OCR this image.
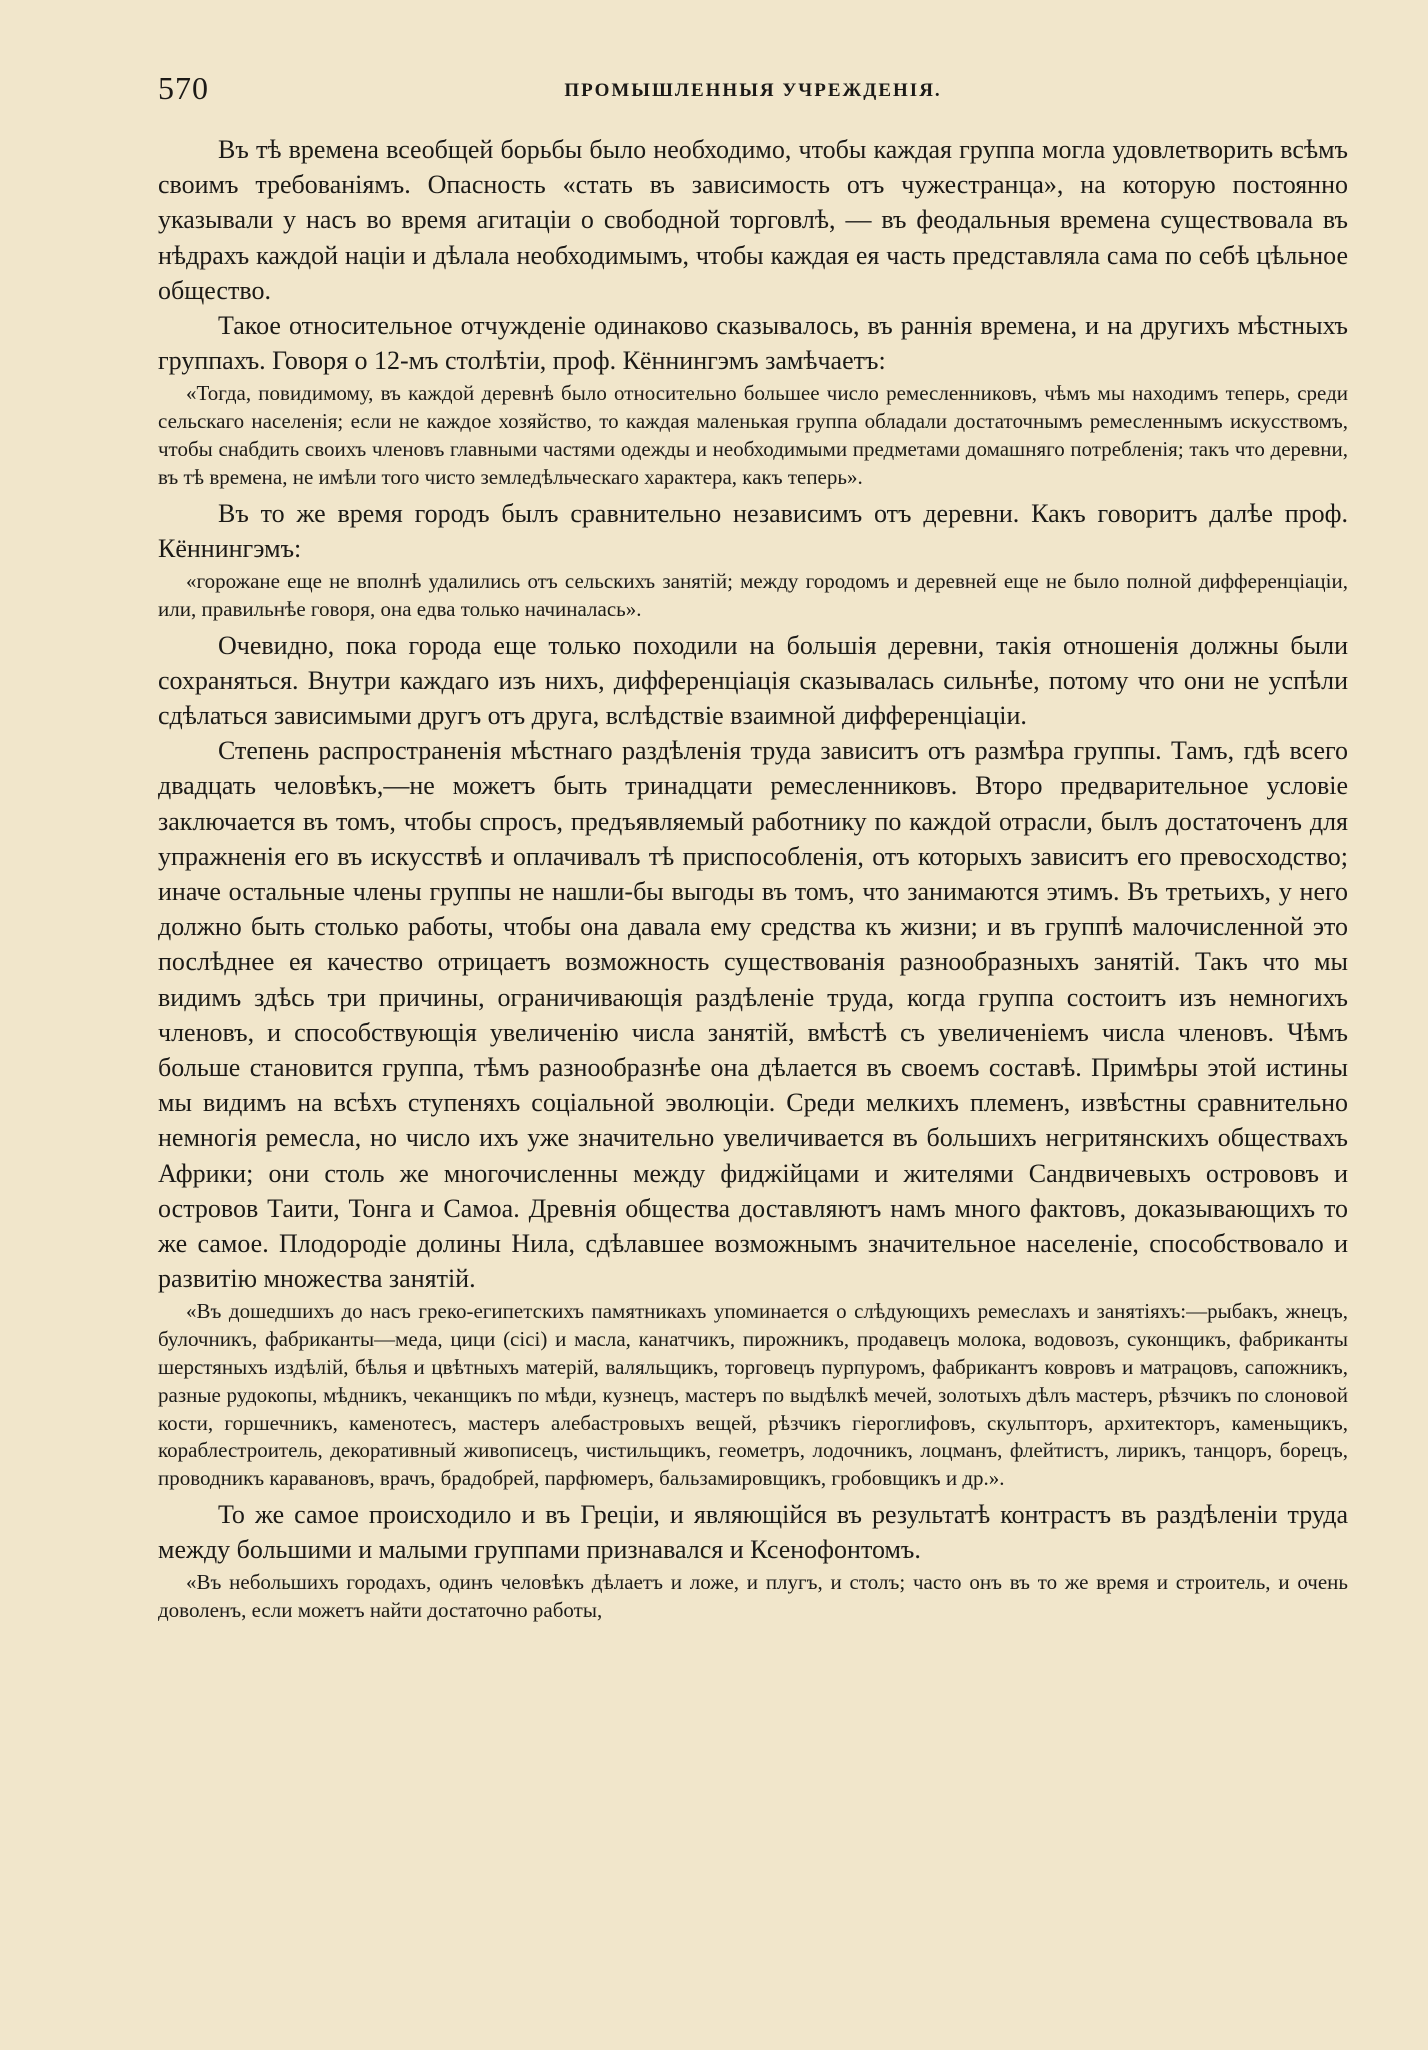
570	ПРОМЫШЛЕННЫЯ УЧРЕЖДЕНІЯ.

Въ тѣ времена всеобщей борьбы было необходимо, чтобы каждая группа могла удовлетворить всѣмъ своимъ требованіямъ. Опасность «стать въ зависимость отъ чужестранца», на которую постоянно указывали у насъ во время агитаціи о свободной торговлѣ, — въ феодальныя времена существовала въ нѣдрахъ каждой націи и дѣлала необходимымъ, чтобы каждая ея часть представляла сама по себѣ цѣльное общество.

Такое относительное отчужденіе одинаково сказывалось, въ раннія времена, и на другихъ мѣстныхъ группахъ. Говоря о 12-мъ столѣтіи, проф. Кённингэмъ замѣчаетъ:

«Тогда, повидимому, въ каждой деревнѣ было относительно большее число ремесленниковъ, чѣмъ мы находимъ теперь, среди сельскаго населенія; если не каждое хозяйство, то каждая маленькая группа обладали достаточнымъ ремесленнымъ искусствомъ, чтобы снабдить своихъ членовъ главными частями одежды и необходимыми предметами домашняго потребленія; такъ что деревни, въ тѣ времена, не имѣли того чисто земледѣльческаго характера, какъ теперь».

Въ то же время городъ былъ сравнительно независимъ отъ деревни. Какъ говоритъ далѣе проф. Кённингэмъ:

«горожане еще не вполнѣ удалились отъ сельскихъ занятій; между городомъ и деревней еще не было полной дифференціаціи, или, правильнѣе говоря, она едва только начиналась».

Очевидно, пока города еще только походили на большія деревни, такія отношенія должны были сохраняться. Внутри каждаго изъ нихъ, дифференціація сказывалась сильнѣе, потому что они не успѣли сдѣлаться зависимыми другъ отъ друга, вслѣдствіе взаимной дифференціаціи.

Степень распространенія мѣстнаго раздѣленія труда зависитъ отъ размѣра группы. Тамъ, гдѣ всего двадцать человѣкъ,—не можетъ быть тринадцати ремесленниковъ. Второ предварительное условіе заключается въ томъ, чтобы спросъ, предъявляемый работнику по каждой отрасли, былъ достаточенъ для упражненія его въ искусствѣ и оплачивалъ тѣ приспособленія, отъ которыхъ зависитъ его превосходство; иначе остальные члены группы не нашли-бы выгоды въ томъ, что занимаются этимъ. Въ третьихъ, у него должно быть столько работы, чтобы она давала ему средства къ жизни; и въ группѣ малочисленной это послѣднее ея качество отрицаетъ возможность существованія разнообразныхъ занятій. Такъ что мы видимъ здѣсь три причины, ограничивающія раздѣленіе труда, когда группа состоитъ изъ немногихъ членовъ, и способствующія увеличенію числа занятій, вмѣстѣ съ увеличеніемъ числа членовъ. Чѣмъ больше становится группа, тѣмъ разнообразнѣе она дѣлается въ своемъ составѣ. Примѣры этой истины мы видимъ на всѣхъ ступеняхъ соціальной эволюціи. Среди мелкихъ племенъ, извѣстны сравнительно немногія ремесла, но число ихъ уже значительно увеличивается въ большихъ негритянскихъ обществахъ Африки; они столь же многочисленны между фиджійцами и жителями Сандвичевыхъ острововъ и островов Таити, Тонга и Самоа. Древнія общества доставляютъ намъ много фактовъ, доказывающихъ то же самое. Плодородіе долины Нила, сдѣлавшее возможнымъ значительное населеніе, способствовало и развитію множества занятій.

«Въ дошедшихъ до насъ греко-египетскихъ памятникахъ упоминается о слѣдующихъ ремеслахъ и занятіяхъ:—рыбакъ, жнецъ, булочникъ, фабриканты—меда, цици (сісі) и масла, канатчикъ, пирожникъ, продавецъ молока, водовозъ, суконщикъ, фабриканты шерстяныхъ издѣлій, бѣлья и цвѣтныхъ матерій, валяльщикъ, торговецъ пурпуромъ, фабрикантъ ковровъ и матрацовъ, сапожникъ, разные рудокопы, мѣдникъ, чеканщикъ по мѣди, кузнецъ, мастеръ по выдѣлкѣ мечей, золотыхъ дѣлъ мастеръ, рѣзчикъ по слоновой кости, горшечникъ, каменотесъ, мастеръ алебастровыхъ вещей, рѣзчикъ гіероглифовъ, скульпторъ, архитекторъ, каменьщикъ, кораблестроитель, декоративный живописецъ, чистильщикъ, геометръ, лодочникъ, лоцманъ, флейтистъ, лирикъ, танцоръ, борецъ, проводникъ каравановъ, врачъ, брадобрей, парфюмеръ, бальзамировщикъ, гробовщикъ и др.».

То же самое происходило и въ Греціи, и являющійся въ результатѣ контрастъ въ раздѣленіи труда между большими и малыми группами признавался и Ксенофонтомъ.

«Въ небольшихъ городахъ, одинъ человѣкъ дѣлаетъ и ложе, и плугъ, и столъ; часто онъ въ то же время и строитель, и очень доволенъ, если можетъ найти достаточно работы,
